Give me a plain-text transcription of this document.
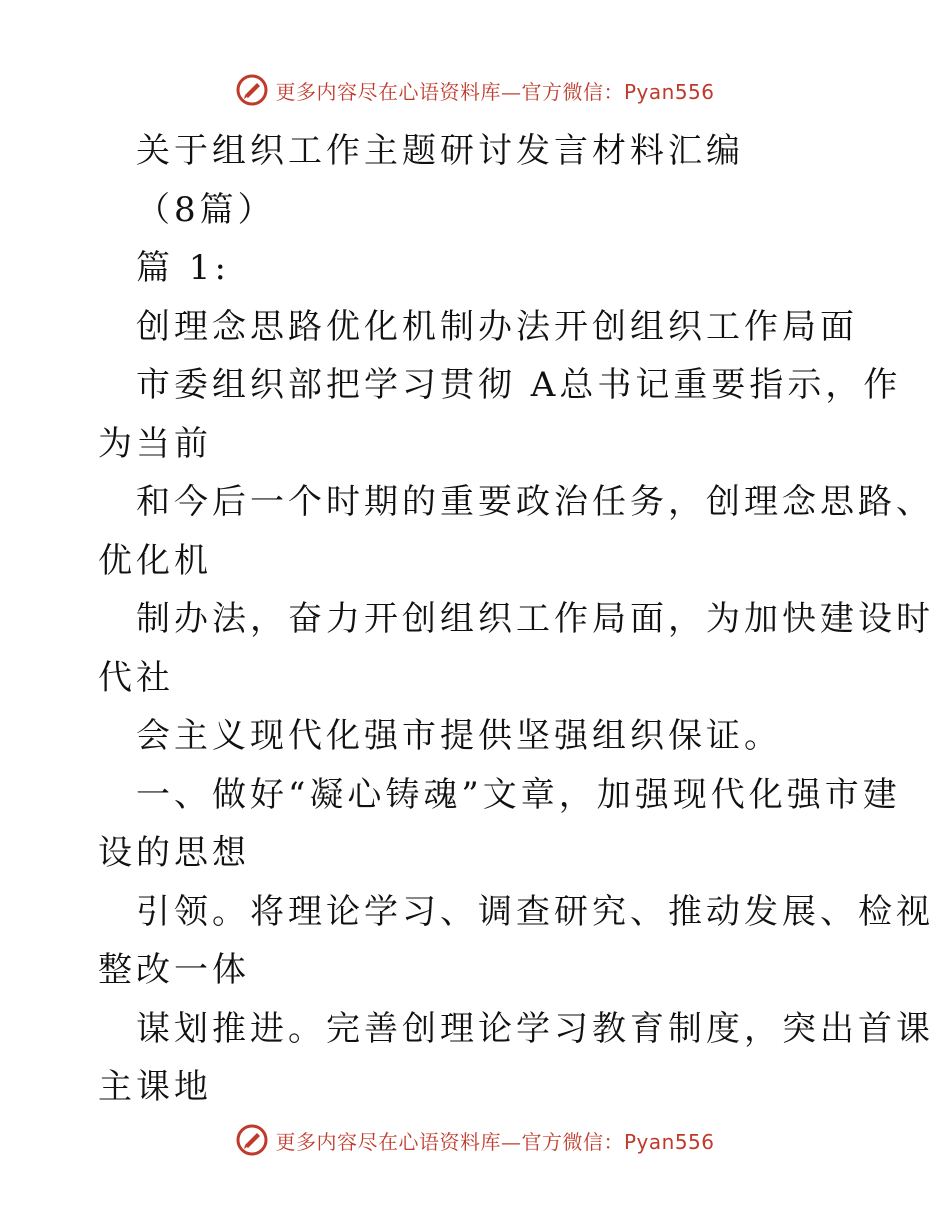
更多内容尽在心语资料库—官方微信：Pyan556
关于组织工作主题研讨发言材料汇编
（8篇）
篇 1:
创理念思路优化机制办法开创组织工作局面
市委组织部把学习贯彻 A总书记重要指示，作
为当前
和今后一个时期的重要政治任务，创理念思路、
优化机
制办法，奋力开创组织工作局面，为加快建设时
代社
会主义现代化强市提供坚强组织保证。
一、做好“凝心铸魂”文章，加强现代化强市建
设的思想
引领。将理论学习、调查研究、推动发展、检视
整改一体
谋划推进。完善创理论学习教育制度，突出首课
主课地
更多内容尽在心语资料库—官方微信：Pyan556
